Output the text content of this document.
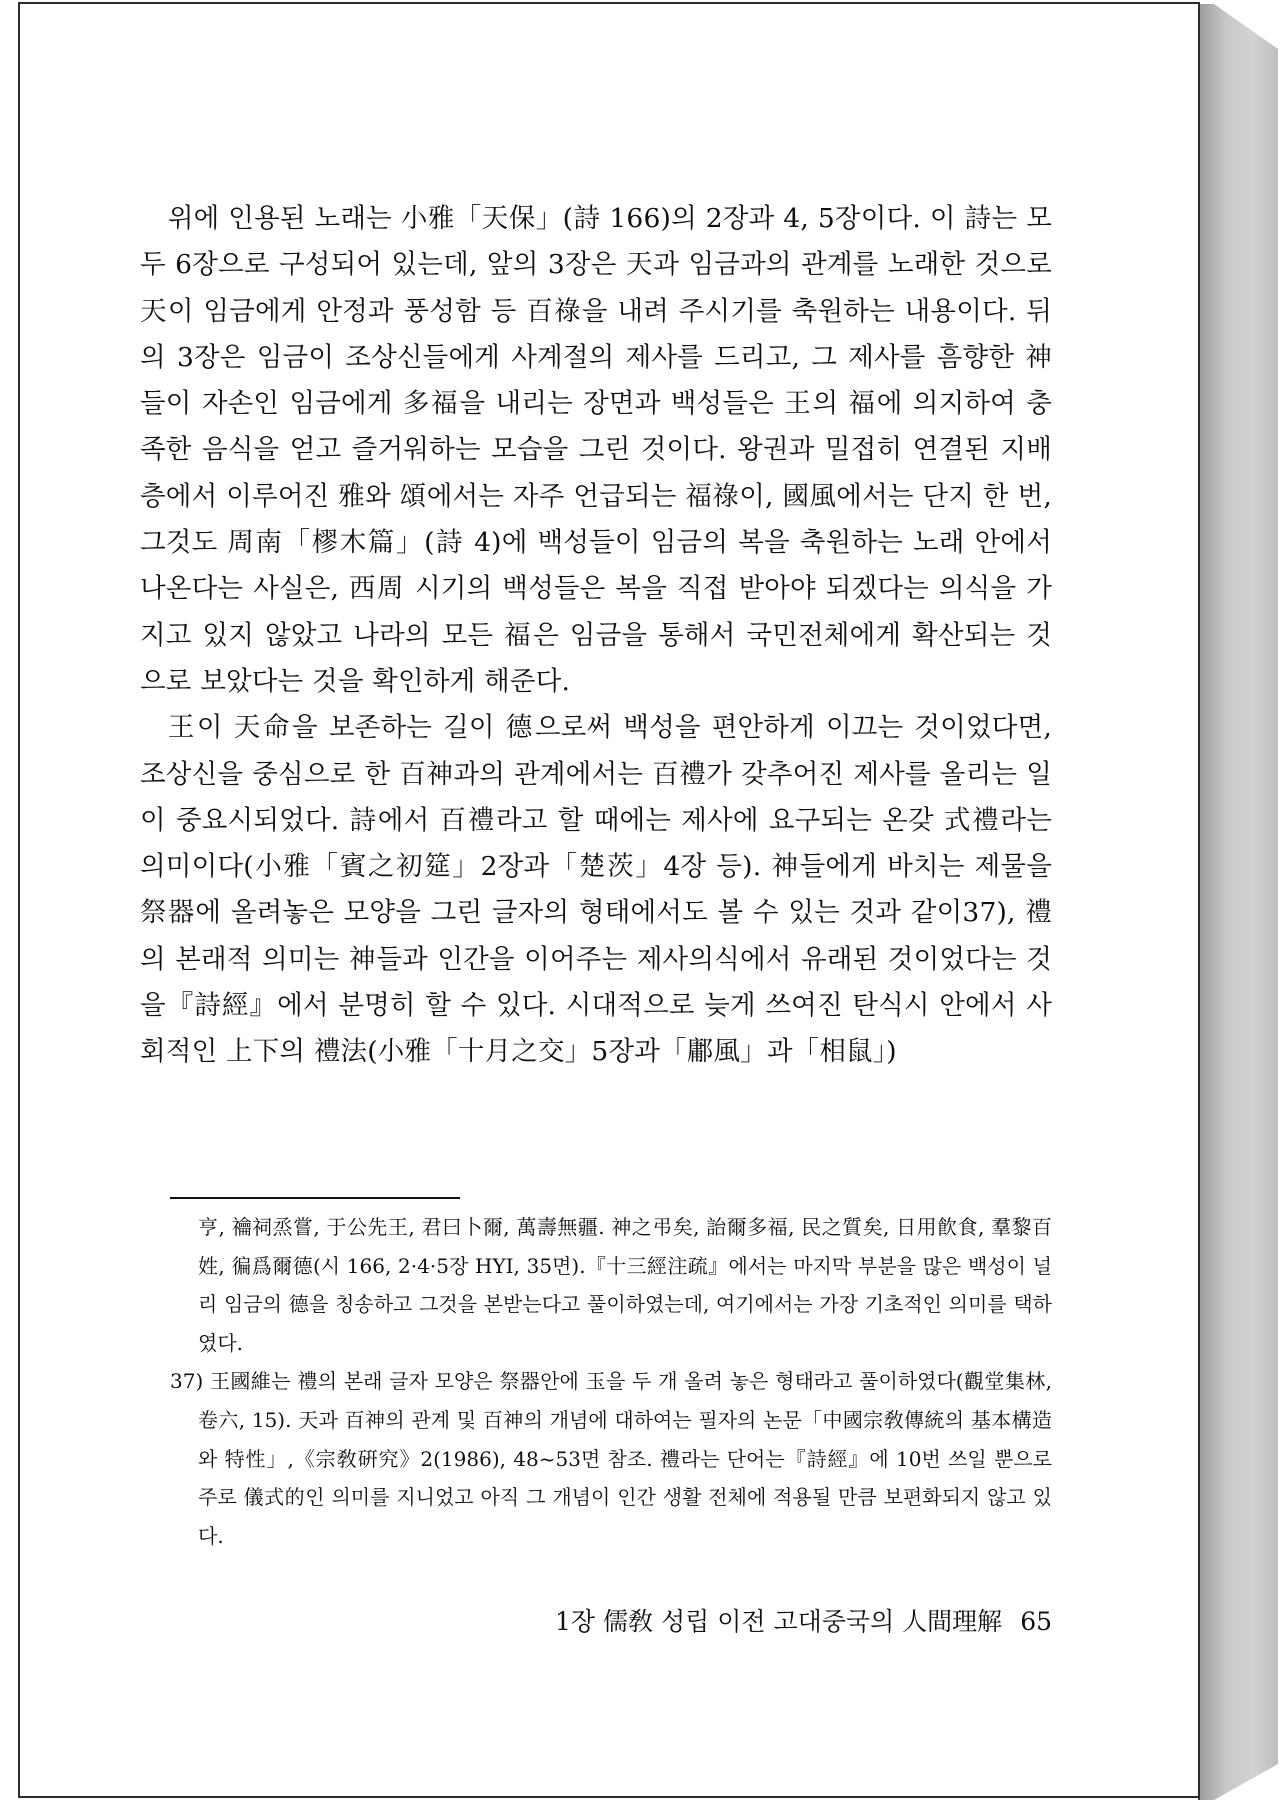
위에 인용된 노래는 小雅「天保」(詩 166)의 2장과 4, 5장이다. 이 詩는 모두 6장으로 구성되어 있는데, 앞의 3장은 天과 임금과의 관계를 노래한 것으로 天이 임금에게 안정과 풍성함 등 百祿을 내려 주시기를 축원하는 내용이다. 뒤의 3장은 임금이 조상신들에게 사계절의 제사를 드리고, 그 제사를 흠향한 神들이 자손인 임금에게 多福을 내리는 장면과 백성들은 王의 福에 의지하여 충족한 음식을 얻고 즐거워하는 모습을 그린 것이다. 왕권과 밀접히 연결된 지배층에서 이루어진 雅와 頌에서는 자주 언급되는 福祿이, 國風에서는 단지 한 번, 그것도 周南「樛木篇」(詩 4)에 백성들이 임금의 복을 축원하는 노래 안에서 나온다는 사실은, 西周 시기의 백성들은 복을 직접 받아야 되겠다는 의식을 가지고 있지 않았고 나라의 모든 福은 임금을 통해서 국민전체에게 확산되는 것으로 보았다는 것을 확인하게 해준다.

王이 天命을 보존하는 길이 德으로써 백성을 편안하게 이끄는 것이었다면, 조상신을 중심으로 한 百神과의 관계에서는 百禮가 갖추어진 제사를 올리는 일이 중요시되었다. 詩에서 百禮라고 할 때에는 제사에 요구되는 온갖 式禮라는 의미이다(小雅「賓之初筵」2장과「楚茨」4장 등). 神들에게 바치는 제물을 祭器에 올려놓은 모양을 그린 글자의 형태에서도 볼 수 있는 것과 같이37), 禮의 본래적 의미는 神들과 인간을 이어주는 제사의식에서 유래된 것이었다는 것을『詩經』에서 분명히 할 수 있다. 시대적으로 늦게 쓰여진 탄식시 안에서 사회적인 上下의 禮法(小雅「十月之交」5장과「鄘風」과「相鼠」)

亨, 禴祠烝嘗, 于公先王, 君曰卜爾, 萬壽無疆. 神之弔矣, 詒爾多福, 民之質矣, 日用飮食, 羣黎百姓, 徧爲爾德(시 166, 2·4·5장 HYI, 35면).『十三經注疏』에서는 마지막 부분을 많은 백성이 널리 임금의 德을 칭송하고 그것을 본받는다고 풀이하였는데, 여기에서는 가장 기초적인 의미를 택하였다.

37) 王國維는 禮의 본래 글자 모양은 祭器안에 玉을 두 개 올려 놓은 형태라고 풀이하였다(觀堂集林, 卷六, 15). 天과 百神의 관계 및 百神의 개념에 대하여는 필자의 논문「中國宗敎傳統의 基本構造와 特性」,《宗敎硏究》2(1986), 48~53면 참조. 禮라는 단어는『詩經』에 10번 쓰일 뿐으로 주로 儀式的인 의미를 지니었고 아직 그 개념이 인간 생활 전체에 적용될 만큼 보편화되지 않고 있다.

1장 儒敎 성립 이전 고대중국의 人間理解 65
